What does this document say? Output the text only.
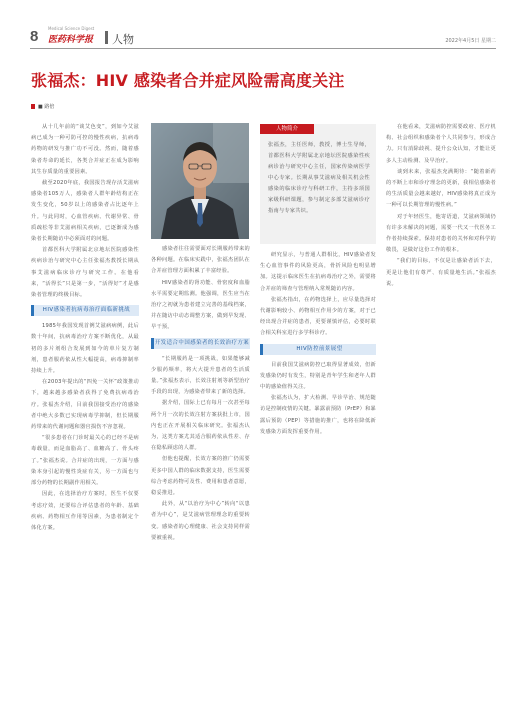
8 Medical Science Digest
医药科学报 人物	2022年4月5日 星期二
张福杰：HIV 感染者合并症风险需高度关注
■ 路倍

从十几年前的“谈艾色变”，到如今艾滋病已成为一种可防可控的慢性疾病，抗病毒药物的研发与推广功不可没。然而，随着感染者寿命的延长，各类合并症正在成为影响其生存质量的重要因素。

截至2020年底，我国报告现存活艾滋病感染者105万人，感染者人群年龄结构正在发生变化，50岁以上的感染者占比逐年上升。与此同时，心血管疾病、代谢异常、骨质疏松等非艾滋病相关疾病，已逐渐成为感染者长期随访中必须面对的问题。

首都医科大学附属北京地坛医院感染性疾病诊治与研究中心主任张福杰教授长期从事艾滋病临床诊疗与研究工作。在他看来，“活得长”只是第一步，“活得好”才是感染者管理的终极目标。

HIV感染者抗病毒治疗面临新挑战

1985年我国发现首例艾滋病病例，此后数十年间，抗病毒治疗方案不断优化，从最初的多片剂组合发展到如今的单片复方制剂，患者服药依从性大幅提高，病毒抑制率持续上升。

在2003年提出的“四免一关怀”政策推动下，越来越多感染者获得了免费抗病毒治疗。张福杰介绍，目前我国接受治疗的感染者中绝大多数已实现病毒学抑制，但长期服药带来的代谢问题和器官损伤不容忽视。

“很多患者在门诊时最关心的已经不是病毒载量，而是血脂高了、血糖高了、骨头疼了。”张福杰说。合并症的出现，一方面与感染本身引起的慢性炎症有关，另一方面也与部分药物的长期副作用相关。

因此，在选择治疗方案时，医生不仅要考虑疗效，还要综合评估患者的年龄、基础疾病、药物相互作用等因素，为患者制定个体化方案。

感染者往往需要面对长期服药带来的各种问题。在临床实践中，张福杰团队在合并症管理方面积累了丰富经验。

HIV感染者的肾功能、骨密度和血脂水平需要定期监测。他强调，医生应当在治疗之初就为患者建立完善的基线档案，并在随访中动态调整方案，做到早发现、早干预。

开发适合中国感染者的长效治疗方案

“长期服药是一项挑战，如果能够减少服药频率，将大大提升患者的生活质量。”张福杰表示，长效注射剂等新型治疗手段的出现，为感染者带来了新的选择。

据介绍，国际上已有每月一次甚至每两个月一次的长效注射方案获批上市，国内也正在开展相关临床研究。张福杰认为，这类方案尤其适合服药依从性差、存在隐私顾虑的人群。

但他也提醒，长效方案的推广仍需要更多中国人群的临床数据支持，医生需要综合考虑药物可及性、费用和患者意愿，稳妥推进。

此外，从“以治疗为中心”转向“以患者为中心”，是艾滋病管理理念的重要转变。感染者的心理健康、社会支持同样需要被重视。

人物简介
张福杰，主任医师，教授，博士生导师，首都医科大学附属北京地坛医院感染性疾病诊治与研究中心主任，国家传染病医学中心专家。长期从事艾滋病及相关机会性感染的临床诊疗与科研工作，主持多项国家级科研课题，参与制定多部艾滋病诊疗指南与专家共识。

研究显示，与普通人群相比，HIV感染者发生心血管事件的风险更高，骨折风险也明显增加。这提示临床医生在抗病毒治疗之外，需要将合并症的筛查与管理纳入常规随访内容。

张福杰指出，在药物选择上，应尽量选择对代谢影响较小、药物相互作用少的方案，对于已经出现合并症的患者，更要谨慎评估，必要时联合相关科室进行多学科诊疗。

HIV防控前景展望

目前我国艾滋病防控已取得显著成效，但新发感染仍时有发生，特别是青年学生和老年人群中的感染值得关注。

张福杰认为，扩大检测、早诊早治、规范随访是控制疫情的关键。暴露前预防（PrEP）和暴露后预防（PEP）等措施的推广，也将在降低新发感染方面发挥重要作用。

在他看来，艾滋病防控需要政府、医疗机构、社会组织和感染者个人共同参与，形成合力。只有消除歧视、提升公众认知，才能让更多人主动检测、及早治疗。

谈到未来，张福杰充满期待：“随着新药的不断上市和诊疗理念的更新，我相信感染者的生活质量会越来越好，HIV感染将真正成为一种可以长期管理的慢性病。”

对于年轻医生，他寄语道，艾滋病领域仍有许多未解决的问题，需要一代又一代医务工作者持续探索。保持对患者的关怀和对科学的敬畏，是做好这份工作的根本。

“我们的目标，不仅是让感染者活下去，更是让他们有尊严、有质量地生活。”张福杰说。
